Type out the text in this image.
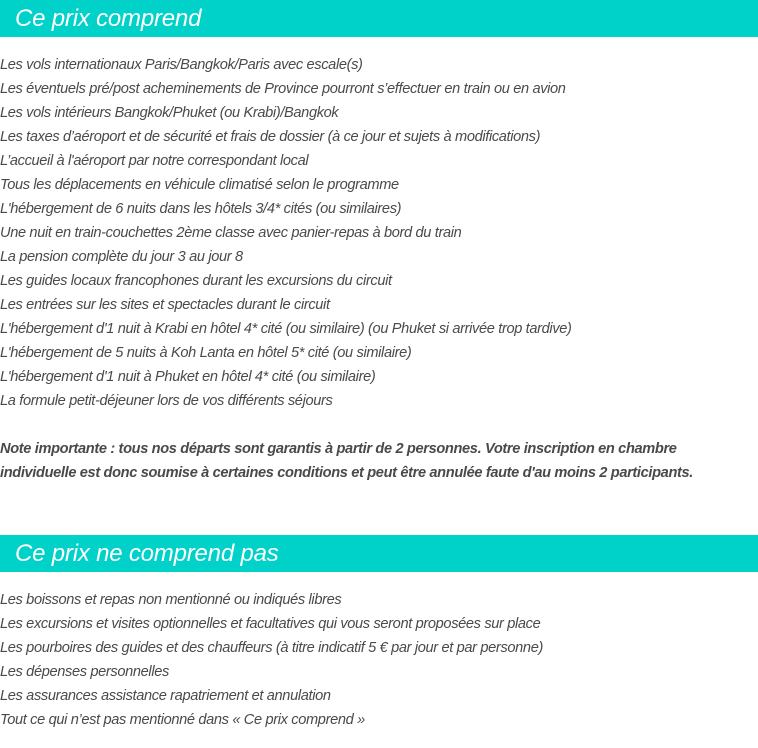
Ce prix comprend
Les vols internationaux Paris/Bangkok/Paris avec escale(s)
Les éventuels pré/post acheminements de Province pourront s’effectuer en train ou en avion
Les vols intérieurs Bangkok/Phuket (ou Krabi)/Bangkok
Les taxes d’aéroport et de sécurité et frais de dossier (à ce jour et sujets à modifications)
L’accueil à l'aéroport par notre correspondant local
Tous les déplacements en véhicule climatisé selon le programme
L'hébergement de 6 nuits dans les hôtels 3/4* cités (ou similaires)
Une nuit en train-couchettes 2ème classe avec panier-repas à bord du train
La pension complète du jour 3 au jour 8
Les guides locaux francophones durant les excursions du circuit
Les entrées sur les sites et spectacles durant le circuit
L'hébergement d'1 nuit à Krabi en hôtel 4* cité (ou similaire) (ou Phuket si arrivée trop tardive)
L'hébergement de 5 nuits à Koh Lanta en hôtel 5* cité (ou similaire)
L'hébergement d'1 nuit à Phuket en hôtel 4* cité (ou similaire)
La formule petit-déjeuner lors de vos différents séjours

Note importante : tous nos départs sont garantis à partir de 2 personnes. Votre inscription en chambre individuelle est donc soumise à certaines conditions et peut être annulée faute d'au moins 2 participants.

Ce prix ne comprend pas
Les boissons et repas non mentionné ou indiqués libres
Les excursions et visites optionnelles et facultatives qui vous seront proposées sur place
Les pourboires des guides et des chauffeurs (à titre indicatif 5 € par jour et par personne)
Les dépenses personnelles
Les assurances assistance rapatriement et annulation
Tout ce qui n’est pas mentionné dans « Ce prix comprend »
